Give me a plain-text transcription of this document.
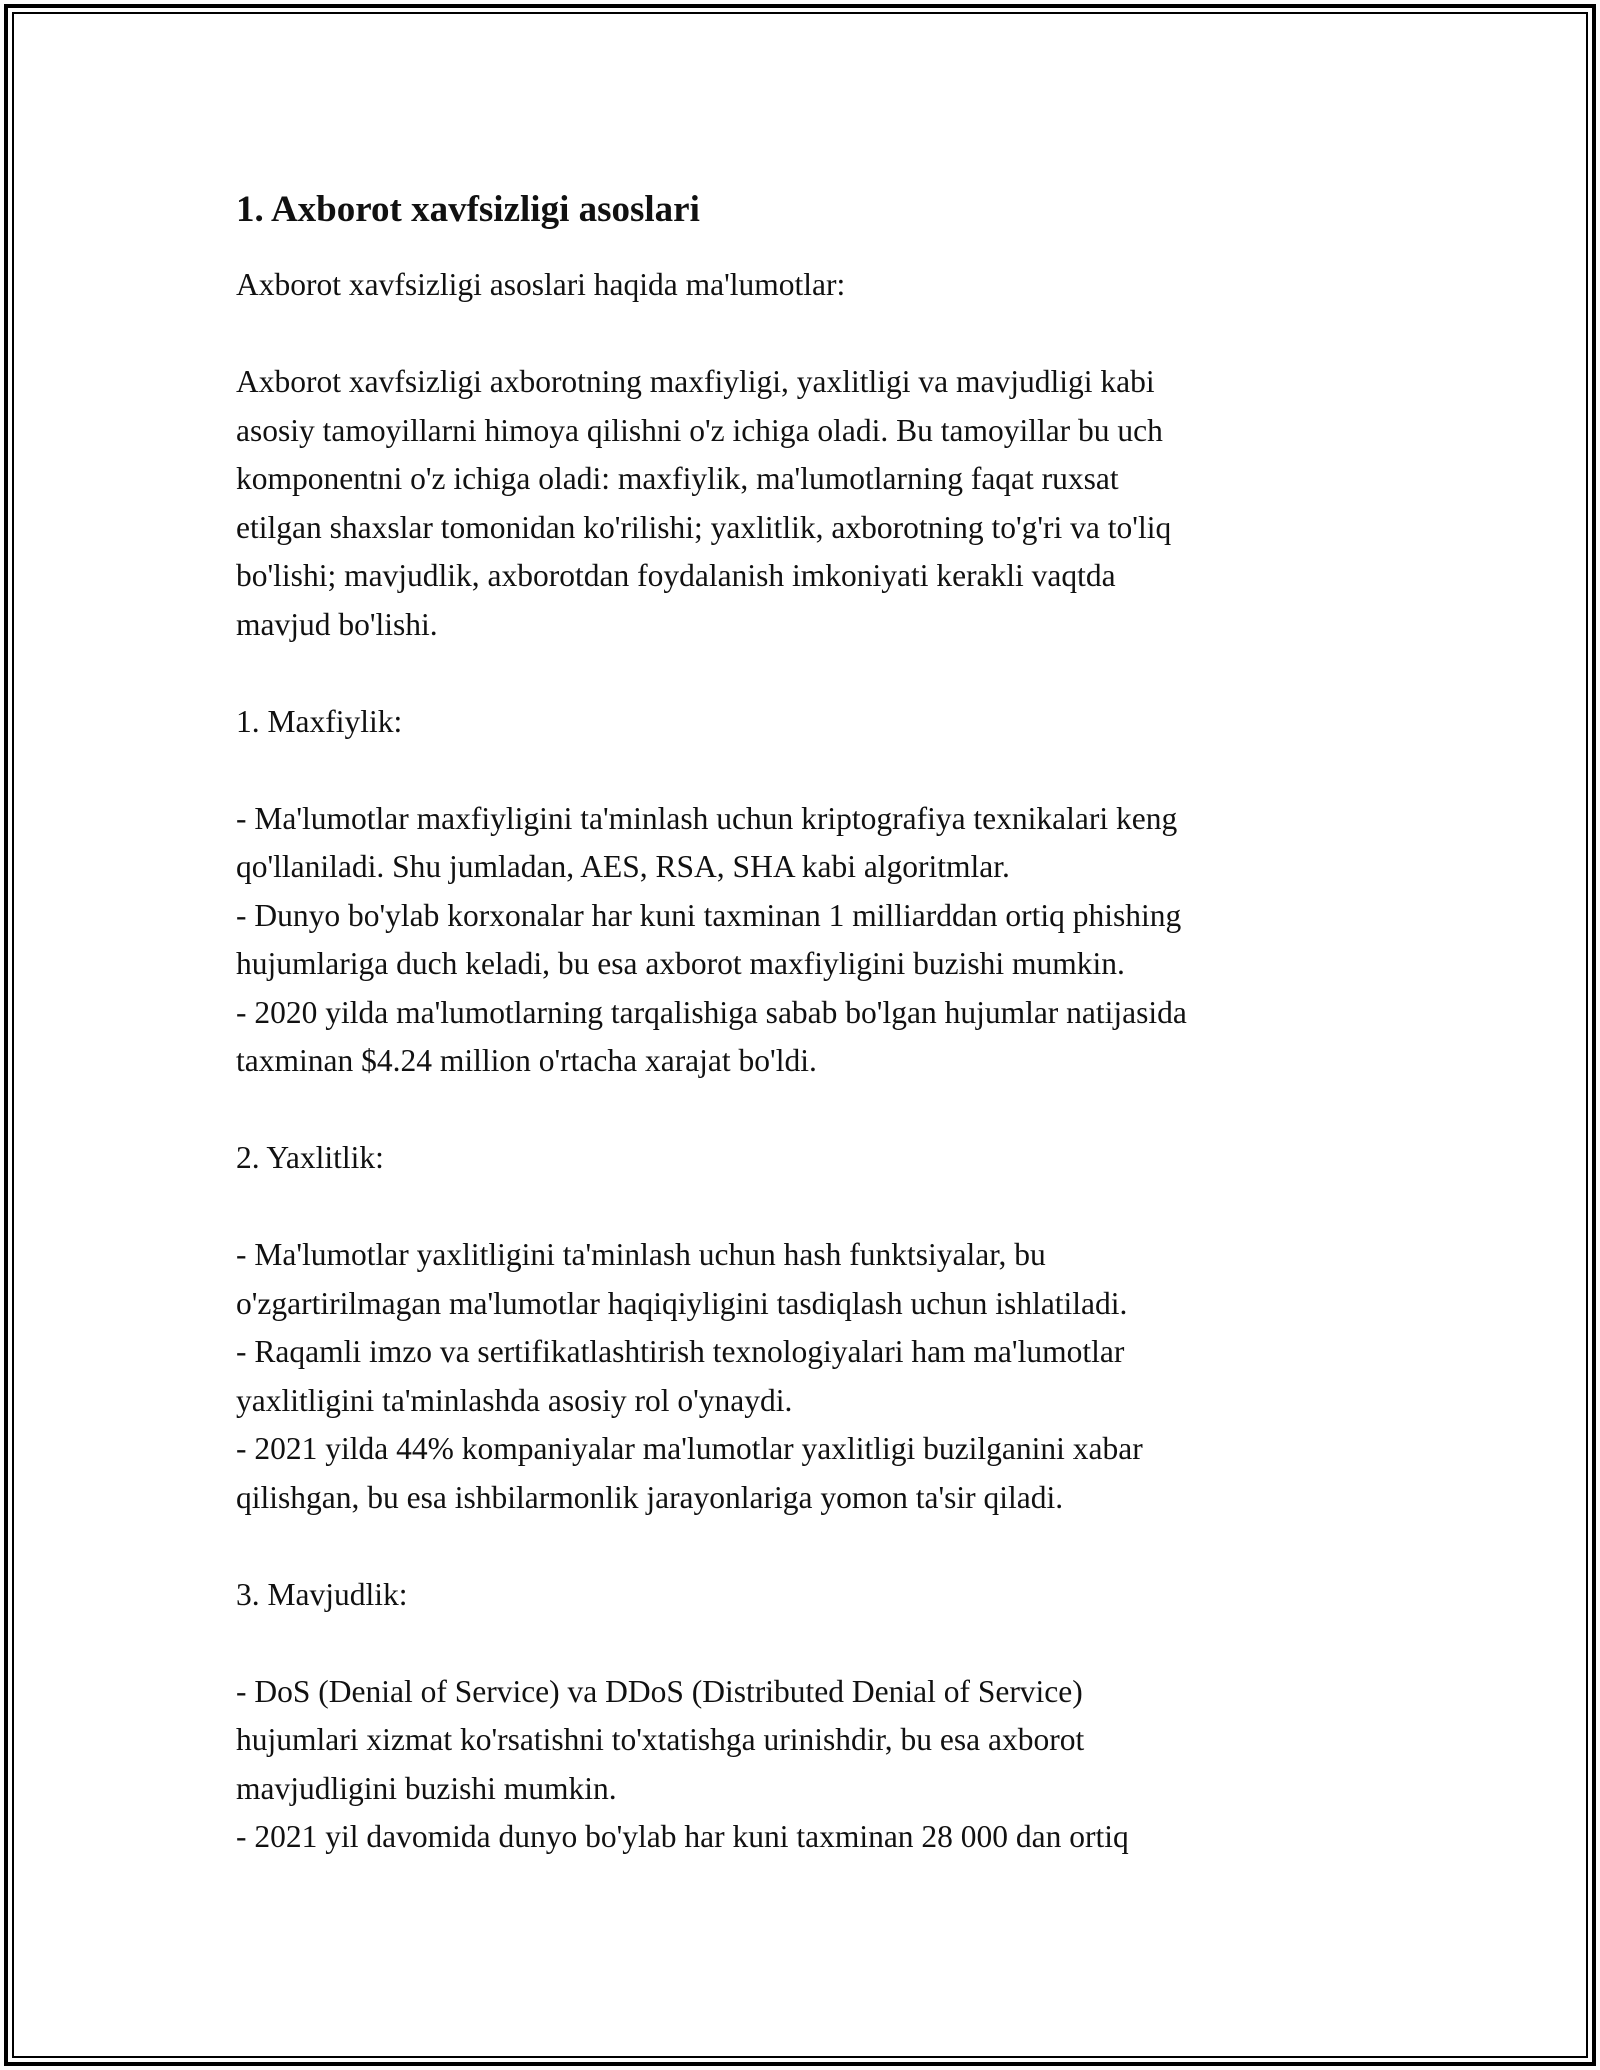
1. Axborot xavfsizligi asoslari
Axborot xavfsizligi asoslari haqida ma'lumotlar:
Axborot xavfsizligi axborotning maxfiyligi, yaxlitligi va mavjudligi kabi
asosiy tamoyillarni himoya qilishni o'z ichiga oladi. Bu tamoyillar bu uch
komponentni o'z ichiga oladi: maxfiylik, ma'lumotlarning faqat ruxsat
etilgan shaxslar tomonidan ko'rilishi; yaxlitlik, axborotning to'g'ri va to'liq
bo'lishi; mavjudlik, axborotdan foydalanish imkoniyati kerakli vaqtda
mavjud bo'lishi.
1. Maxfiylik:
- Ma'lumotlar maxfiyligini ta'minlash uchun kriptografiya texnikalari keng
qo'llaniladi. Shu jumladan, AES, RSA, SHA kabi algoritmlar.
- Dunyo bo'ylab korxonalar har kuni taxminan 1 milliarddan ortiq phishing
hujumlariga duch keladi, bu esa axborot maxfiyligini buzishi mumkin.
- 2020 yilda ma'lumotlarning tarqalishiga sabab bo'lgan hujumlar natijasida
taxminan $4.24 million o'rtacha xarajat bo'ldi.
2. Yaxlitlik:
- Ma'lumotlar yaxlitligini ta'minlash uchun hash funktsiyalar, bu
o'zgartirilmagan ma'lumotlar haqiqiyligini tasdiqlash uchun ishlatiladi.
- Raqamli imzo va sertifikatlashtirish texnologiyalari ham ma'lumotlar
yaxlitligini ta'minlashda asosiy rol o'ynaydi.
- 2021 yilda 44% kompaniyalar ma'lumotlar yaxlitligi buzilganini xabar
qilishgan, bu esa ishbilarmonlik jarayonlariga yomon ta'sir qiladi.
3. Mavjudlik:
- DoS (Denial of Service) va DDoS (Distributed Denial of Service)
hujumlari xizmat ko'rsatishni to'xtatishga urinishdir, bu esa axborot
mavjudligini buzishi mumkin.
- 2021 yil davomida dunyo bo'ylab har kuni taxminan 28 000 dan ortiq
